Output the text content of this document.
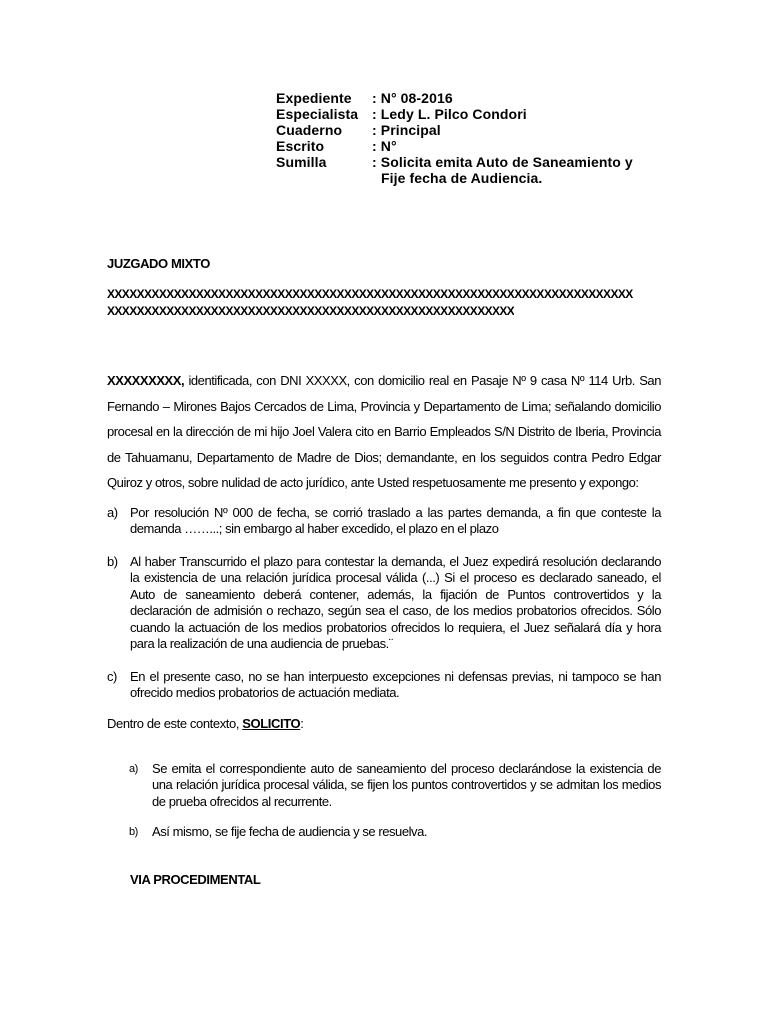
Expediente	: N° 08-2016
Especialista : Ledy L. Pilco Condori
Cuaderno	: Principal
Escrito	: N°
Sumilla	: Solicita emita Auto de Saneamiento y
Fije fecha de Audiencia.
JUZGADO MIXTO
XXXXXXXXXXXXXXXXXXXXXXXXXXXXXXXXXXXXXXXXXXXXXXXXXXXXXXXXXXXXXXXXXXXXXXX
XXXXXXXXXXXXXXXXXXXXXXXXXXXXXXXXXXXXXXXXXXXXXXXXXXXXXXX
XXXXXXXXX, identificada, con DNI XXXXX, con domicilio real en Pasaje Nº 9 casa Nº 114 Urb. San Fernando – Mirones Bajos Cercados de Lima, Provincia y Departamento de Lima; señalando domicilio procesal en la dirección de mi hijo Joel Valera cito en Barrio Empleados S/N Distrito de Iberia, Provincia de Tahuamanu, Departamento de Madre de Dios; demandante, en los seguidos contra Pedro Edgar Quiroz y otros, sobre nulidad de acto jurídico, ante Usted respetuosamente me presento y expongo:
a) Por resolución Nº 000 de fecha, se corrió traslado a las partes demanda, a fin que conteste la demanda ……...; sin embargo al haber excedido, el plazo en el plazo
b) Al haber Transcurrido el plazo para contestar la demanda, el Juez expedirá resolución declarando la existencia de una relación jurídica procesal válida (...) Si el proceso es declarado saneado, el Auto de saneamiento deberá contener, además, la fijación de Puntos controvertidos y la declaración de admisión o rechazo, según sea el caso, de los medios probatorios ofrecidos. Sólo cuando la actuación de los medios probatorios ofrecidos lo requiera, el Juez señalará día y hora para la realización de una audiencia de pruebas.¨
c)	En el presente caso, no se han interpuesto excepciones ni defensas previas, ni tampoco se han ofrecido medios probatorios de actuación mediata.
Dentro de este contexto, SOLICITO:
a)	Se emita el correspondiente auto de saneamiento del proceso declarándose la existencia de una relación jurídica procesal válida, se fijen los puntos controvertidos y se admitan los medios de prueba ofrecidos al recurrente.
b)	Así mismo, se fije fecha de audiencia y se resuelva.
VIA PROCEDIMENTAL
